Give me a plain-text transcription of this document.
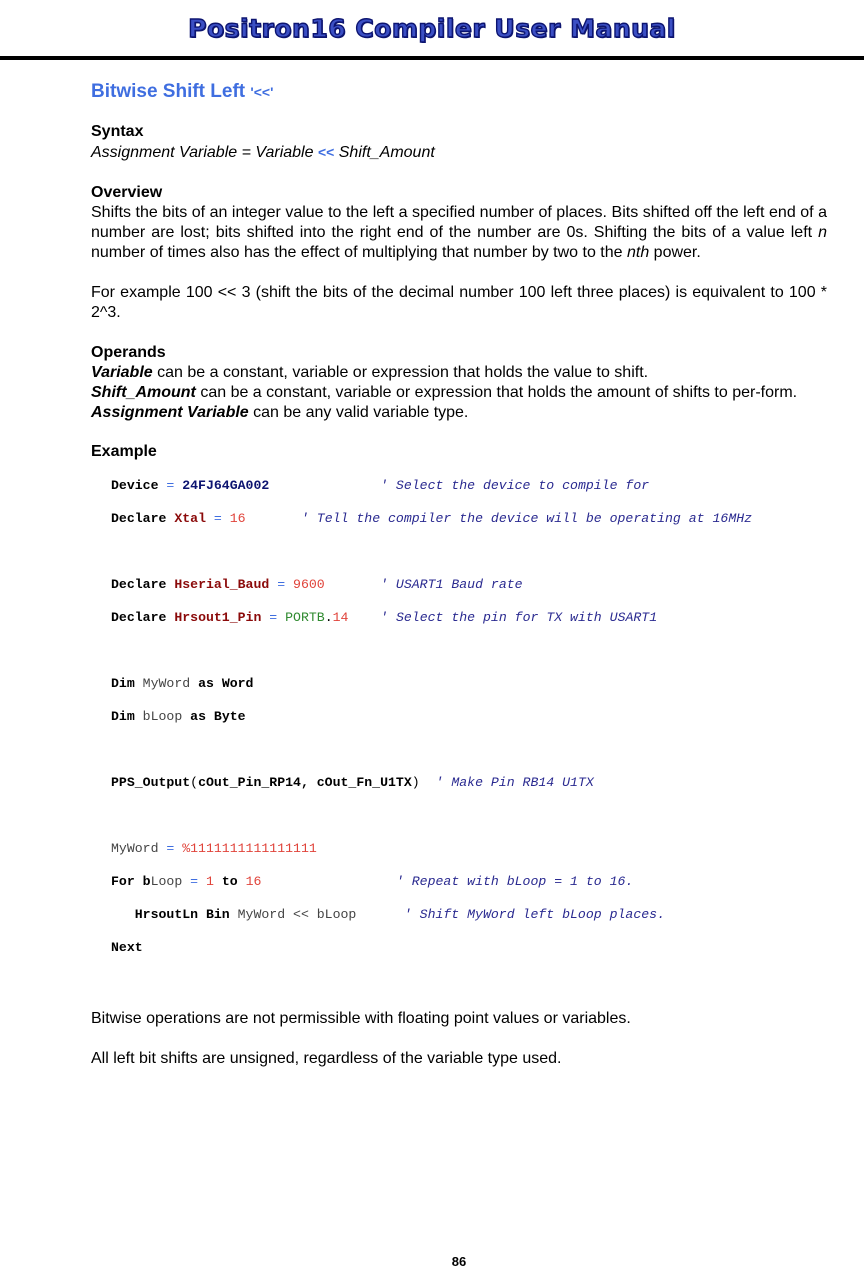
Positron16 Compiler User Manual
Bitwise Shift Left '<<'
Syntax
Assignment Variable = Variable << Shift_Amount
Overview

Shifts the bits of an integer value to the left a specified number of places. Bits shifted off the left end of a number are lost; bits shifted into the right end of the number are 0s. Shifting the bits of a value left n number of times also has the effect of multiplying that number by two to the nth power.

For example 100 << 3 (shift the bits of the decimal number 100 left three places) is equivalent to 100 * 2^3.

Operands
Variable can be a constant, variable or expression that holds the value to shift.
Shift_Amount can be a constant, variable or expression that holds the amount of shifts to per-form.
Assignment Variable can be any valid variable type.
Example

Device = 24FJ64GA002	' Select the device to compile for

Declare Xtal = 16	' Tell the compiler the device will be operating at 16MHz

Declare Hserial_Baud = 9600	' USART1 Baud rate

Declare Hrsout1_Pin = PORTB.14 ' Select the pin for TX with USART1

Dim MyWord as Word

Dim bLoop as Byte

PPS_Output(cOut_Pin_RP14, cOut_Fn_U1TX) ' Make Pin RB14 U1TX

MyWord = %1111111111111111

For bLoop = 1 to 16	' Repeat with bLoop = 1 to 16.

HrsoutLn Bin MyWord << bLoop	' Shift MyWord left bLoop places.

Next

Bitwise operations are not permissible with floating point values or variables.

All left bit shifts are unsigned, regardless of the variable type used.

86
